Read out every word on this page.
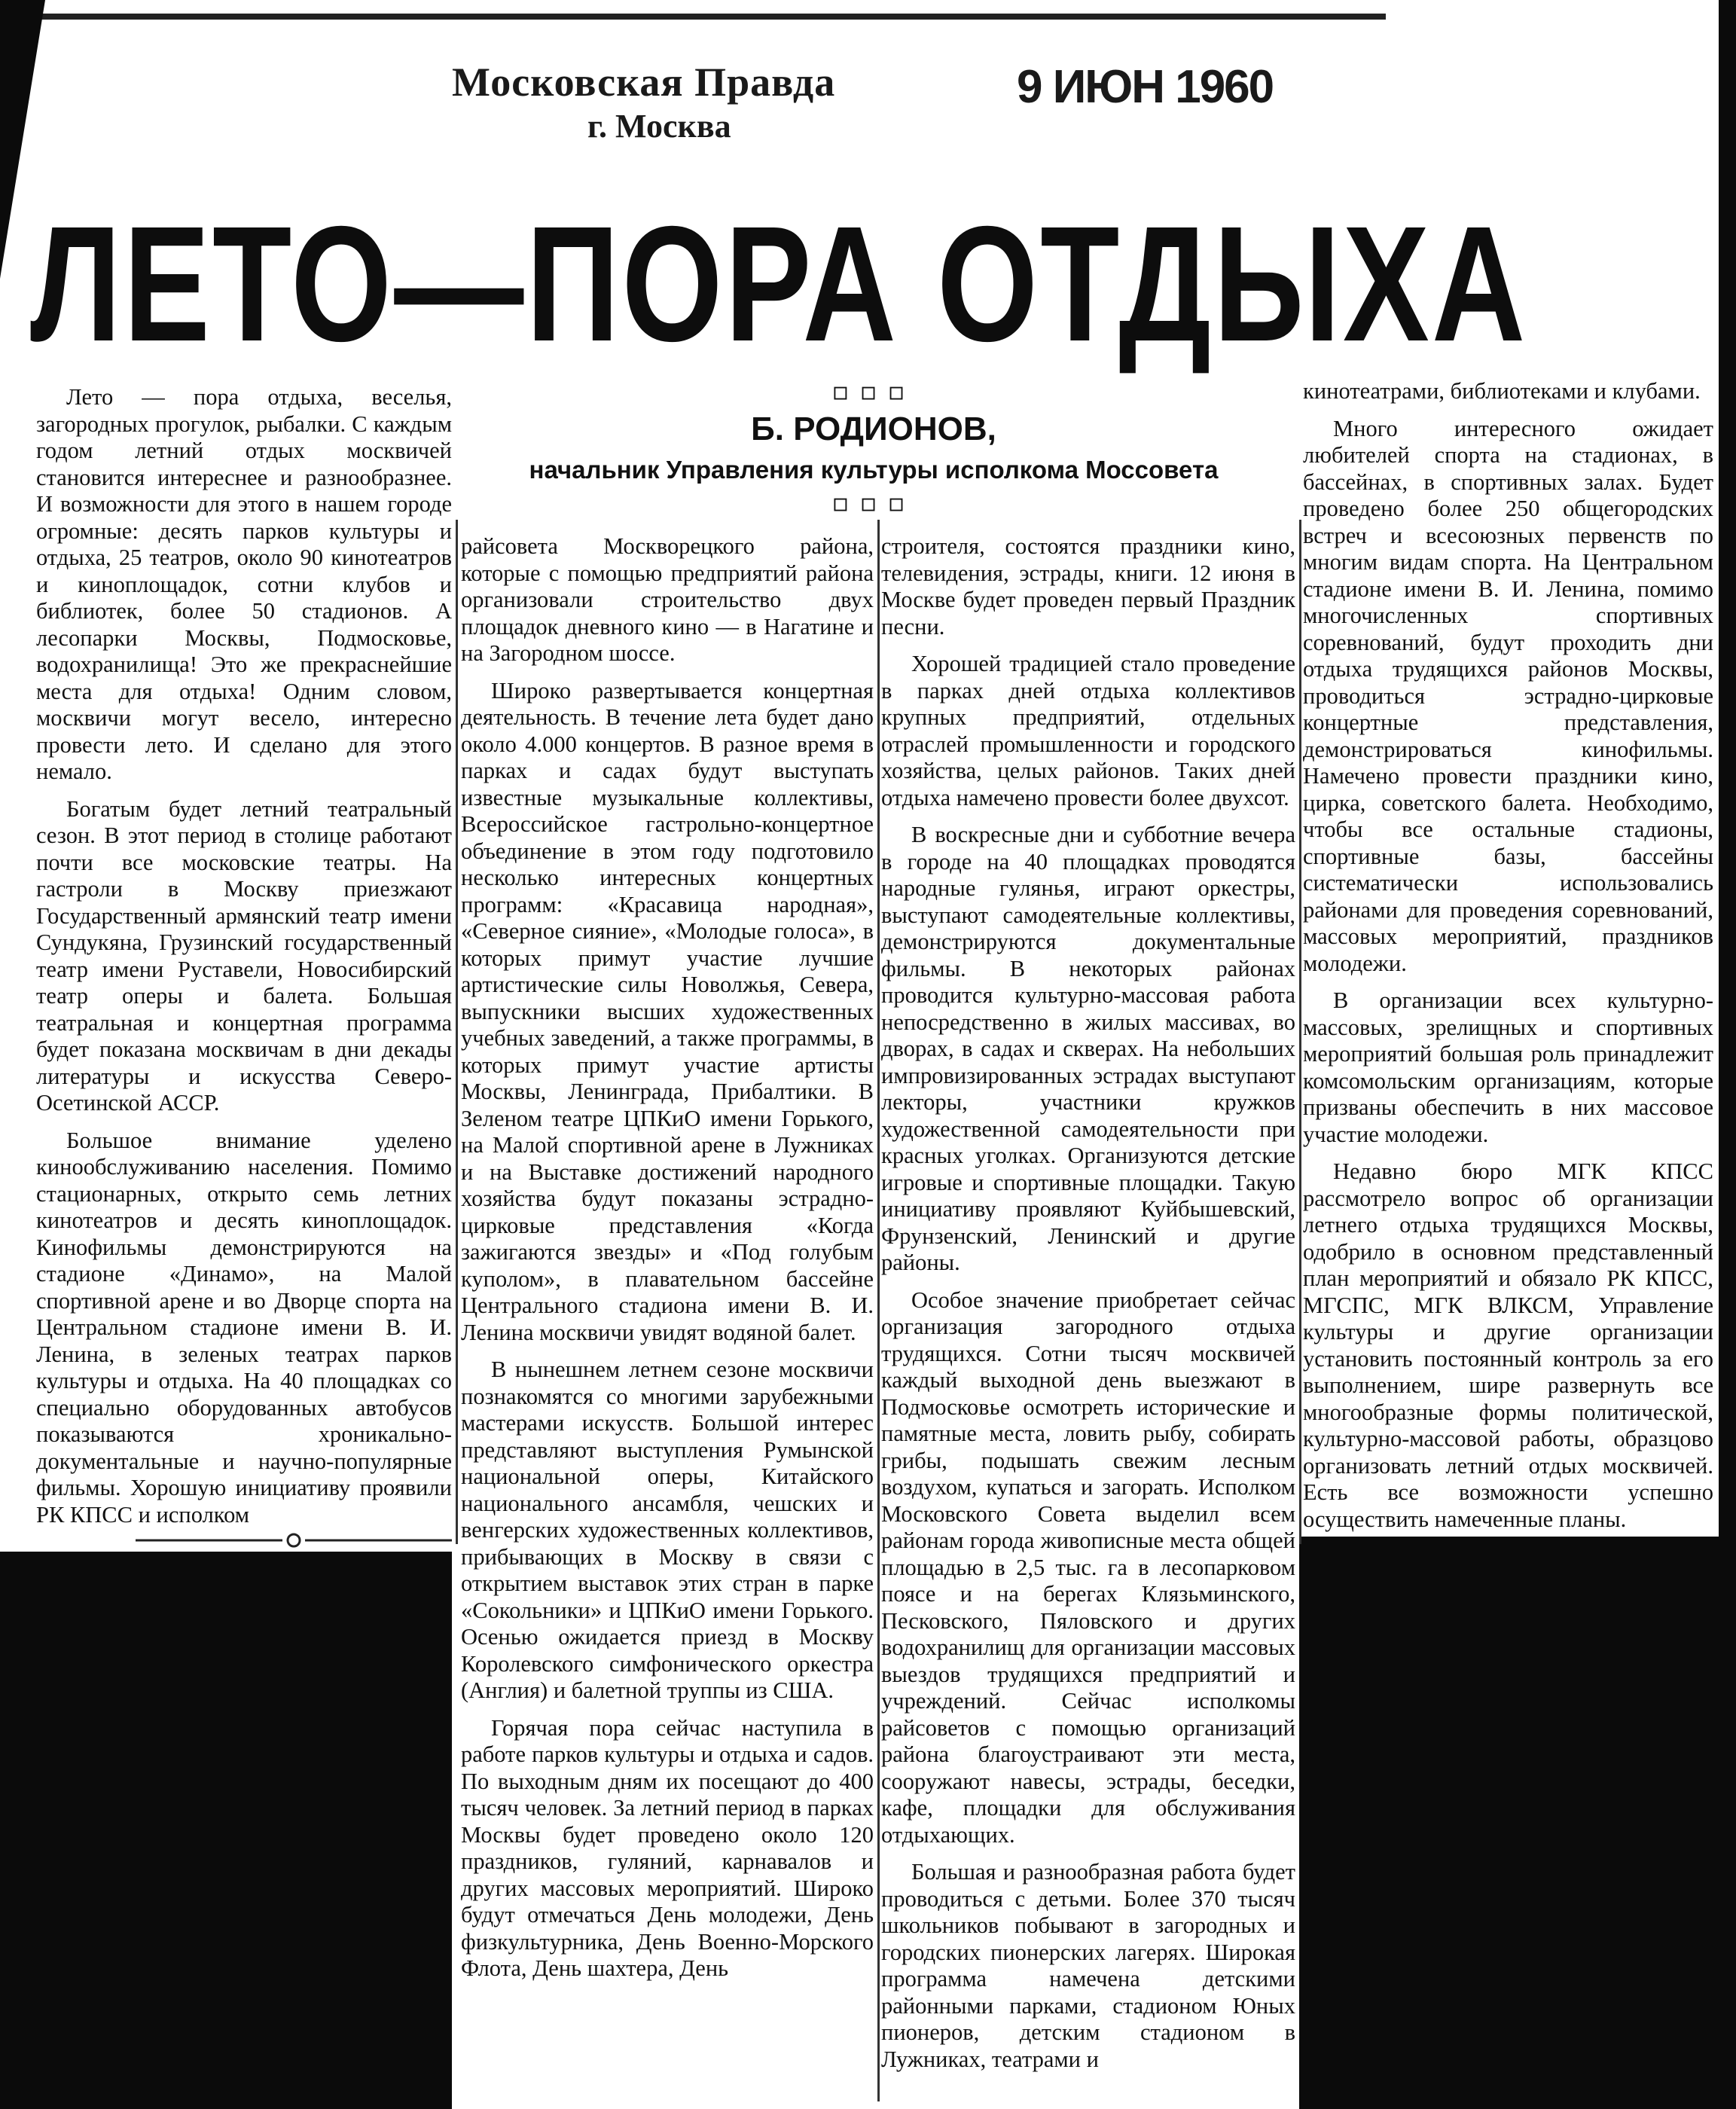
Московская Правда
г. Москва
9 ИЮН 1960
ЛЕТО—ПОРА ОТДЫХА
▫▫▫
Б. РОДИОНОВ,
начальник Управления культуры исполкома Моссовета
▫▫▫

Лето — пора отдыха, веселья, загородных прогулок, рыбалки. С каждым годом летний отдых москвичей становится интереснее и разнообразнее. И возможности для этого в нашем городе огромные: десять парков культуры и отдыха, 25 театров, около 90 кинотеатров и киноплощадок, сотни клубов и библиотек, более 50 стадионов. А лесопарки Москвы, Подмосковье, водохранилища! Это же прекраснейшие места для отдыха! Одним словом, москвичи могут весело, интересно провести лето. И сделано для этого немало.

Богатым будет летний театральный сезон. В этот период в столице работают почти все московские театры. На гастроли в Москву приезжают Государственный армянский театр имени Сундукяна, Грузинский государственный театр имени Руставели, Новосибирский театр оперы и балета. Большая театральная и концертная программа будет показана москвичам в дни декады литературы и искусства Северо-Осетинской АССР.

Большое внимание уделено кинообслуживанию населения. Помимо стационарных, открыто семь летних кинотеатров и десять киноплощадок. Кинофильмы демонстрируются на стадионе «Динамо», на Малой спортивной арене и во Дворце спорта на Центральном стадионе имени В. И. Ленина, в зеленых театрах парков культуры и отдыха. На 40 площадках со специально оборудованных автобусов показываются хроникально-документальные и научно-популярные фильмы. Хорошую инициативу проявили РК КПСС и исполком

райсовета Москворецкого района, которые с помощью предприятий района организовали строительство двух площадок дневного кино — в Нагатине и на Загородном шоссе.

Широко развертывается концертная деятельность. В течение лета будет дано около 4.000 концертов. В разное время в парках и садах будут выступать известные музыкальные коллективы, Всероссийское гастрольно-концертное объединение в этом году подготовило несколько интересных концертных программ: «Красавица народная», «Северное сияние», «Молодые голоса», в которых примут участие лучшие артистические силы Новолжья, Севера, выпускники высших художественных учебных заведений, а также программы, в которых примут участие артисты Москвы, Ленинграда, Прибалтики. В Зеленом театре ЦПКиО имени Горького, на Малой спортивной арене в Лужниках и на Выставке достижений народного хозяйства будут показаны эстрадно-цирковые представления «Когда зажигаются звезды» и «Под голубым куполом», в плавательном бассейне Центрального стадиона имени В. И. Ленина москвичи увидят водяной балет.

В нынешнем летнем сезоне москвичи познакомятся со многими зарубежными мастерами искусств. Большой интерес представляют выступления Румынской национальной оперы, Китайского национального ансамбля, чешских и венгерских художественных коллективов, прибывающих в Москву в связи с открытием выставок этих стран в парке «Сокольники» и ЦПКиО имени Горького. Осенью ожидается приезд в Москву Королевского симфонического оркестра (Англия) и балетной труппы из США.

Горячая пора сейчас наступила в работе парков культуры и отдыха и садов. По выходным дням их посещают до 400 тысяч человек. За летний период в парках Москвы будет проведено около 120 праздников, гуляний, карнавалов и других массовых мероприятий. Широко будут отмечаться День молодежи, День физкультурника, День Военно-Морского Флота, День шахтера, День

строителя, состоятся праздники кино, телевидения, эстрады, книги. 12 июня в Москве будет проведен первый Праздник песни.

Хорошей традицией стало проведение в парках дней отдыха коллективов крупных предприятий, отдельных отраслей промышленности и городского хозяйства, целых районов. Таких дней отдыха намечено провести более двухсот.

В воскресные дни и субботние вечера в городе на 40 площадках проводятся народные гулянья, играют оркестры, выступают самодеятельные коллективы, демонстрируются документальные фильмы. В некоторых районах проводится культурно-массовая работа непосредственно в жилых массивах, во дворах, в садах и скверах. На небольших импровизированных эстрадах выступают лекторы, участники кружков художественной самодеятельности при красных уголках. Организуются детские игровые и спортивные площадки. Такую инициативу проявляют Куйбышевский, Фрунзенский, Ленинский и другие районы.

Особое значение приобретает сейчас организация загородного отдыха трудящихся. Сотни тысяч москвичей каждый выходной день выезжают в Подмосковье осмотреть исторические и памятные места, ловить рыбу, собирать грибы, подышать свежим лесным воздухом, купаться и загорать. Исполком Московского Совета выделил всем районам города живописные места общей площадью в 2,5 тыс. га в лесопарковом поясе и на берегах Клязьминского, Песковского, Пяловского и других водохранилищ для организации массовых выездов трудящихся предприятий и учреждений. Сейчас исполкомы райсоветов с помощью организаций района благоустраивают эти места, сооружают навесы, эстрады, беседки, кафе, площадки для обслуживания отдыхающих.

Большая и разнообразная работа будет проводиться с детьми. Более 370 тысяч школьников побывают в загородных и городских пионерских лагерях. Широкая программа намечена детскими районными парками, стадионом Юных пионеров, детским стадионом в Лужниках, театрами и

кинотеатрами, библиотеками и клубами.

Много интересного ожидает любителей спорта на стадионах, в бассейнах, в спортивных залах. Будет проведено более 250 общегородских встреч и всесоюзных первенств по многим видам спорта. На Центральном стадионе имени В. И. Ленина, помимо многочисленных спортивных соревнований, будут проходить дни отдыха трудящихся районов Москвы, проводиться эстрадно-цирковые концертные представления, демонстрироваться кинофильмы. Намечено провести праздники кино, цирка, советского балета. Необходимо, чтобы все остальные стадионы, спортивные базы, бассейны систематически использовались районами для проведения соревнований, массовых мероприятий, праздников молодежи.

В организации всех культурно-массовых, зрелищных и спортивных мероприятий большая роль принадлежит комсомольским организациям, которые призваны обеспечить в них массовое участие молодежи.

Недавно бюро МГК КПСС рассмотрело вопрос об организации летнего отдыха трудящихся Москвы, одобрило в основном представленный план мероприятий и обязало РК КПСС, МГСПС, МГК ВЛКСМ, Управление культуры и другие организации установить постоянный контроль за его выполнением, шире развернуть все многообразные формы политической, культурно-массовой работы, образцово организовать летний отдых москвичей. Есть все возможности успешно осуществить намеченные планы.
